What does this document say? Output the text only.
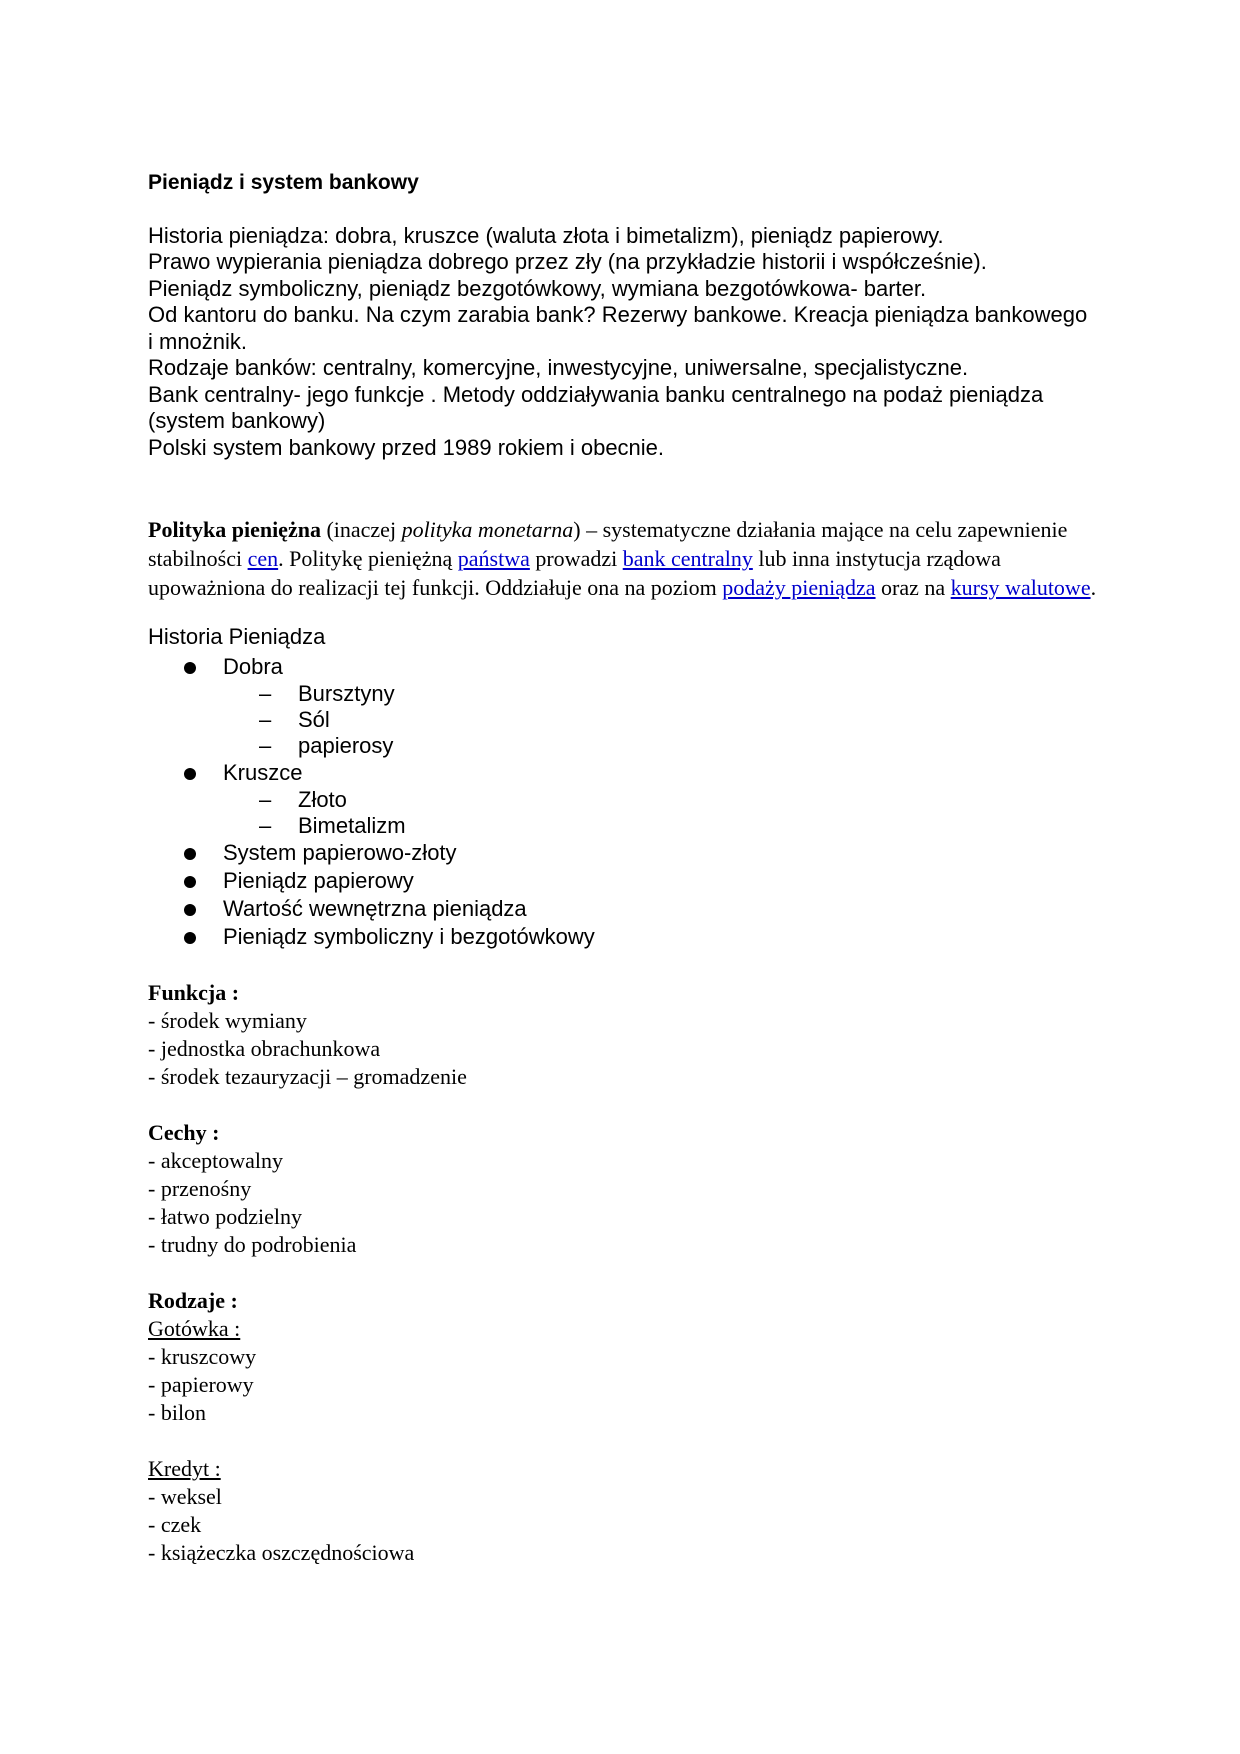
Pieniądz i system bankowy

Historia pieniądza: dobra, kruszce (waluta złota i bimetalizm), pieniądz papierowy.

Prawo wypierania pieniądza dobrego przez zły (na przykładzie historii i współcześnie).

Pieniądz symboliczny, pieniądz bezgotówkowy, wymiana bezgotówkowa- barter.

Od kantoru do banku. Na czym zarabia bank? Rezerwy bankowe. Kreacja pieniądza bankowego i mnożnik.

Rodzaje banków: centralny, komercyjne, inwestycyjne, uniwersalne, specjalistyczne.

Bank centralny- jego funkcje . Metody oddziaływania banku centralnego na podaż pieniądza (system bankowy)

Polski system bankowy przed 1989 rokiem i obecnie.

Polityka pieniężna (inaczej polityka monetarna) – systematyczne działania mające na celu zapewnienie stabilności cen. Politykę pieniężną państwa prowadzi bank centralny lub inna instytucja rządowa upoważniona do realizacji tej funkcji. Oddziałuje ona na poziom podaży pieniądza oraz na kursy walutowe.

Historia Pieniądza

Dobra
– Bursztyny
– Sól
– papierosy
Kruszce
– Złoto
– Bimetalizm
System papierowo-złoty
Pieniądz papierowy
Wartość wewnętrzna pieniądza
Pieniądz symboliczny i bezgotówkowy
Funkcja :

- środek wymiany

- jednostka obrachunkowa

- środek tezauryzacji – gromadzenie

Cechy :

- akceptowalny

- przenośny

- łatwo podzielny

- trudny do podrobienia

Rodzaje :

Gotówka :

- kruszcowy

- papierowy

- bilon

Kredyt :

- weksel

- czek

- książeczka oszczędnościowa
